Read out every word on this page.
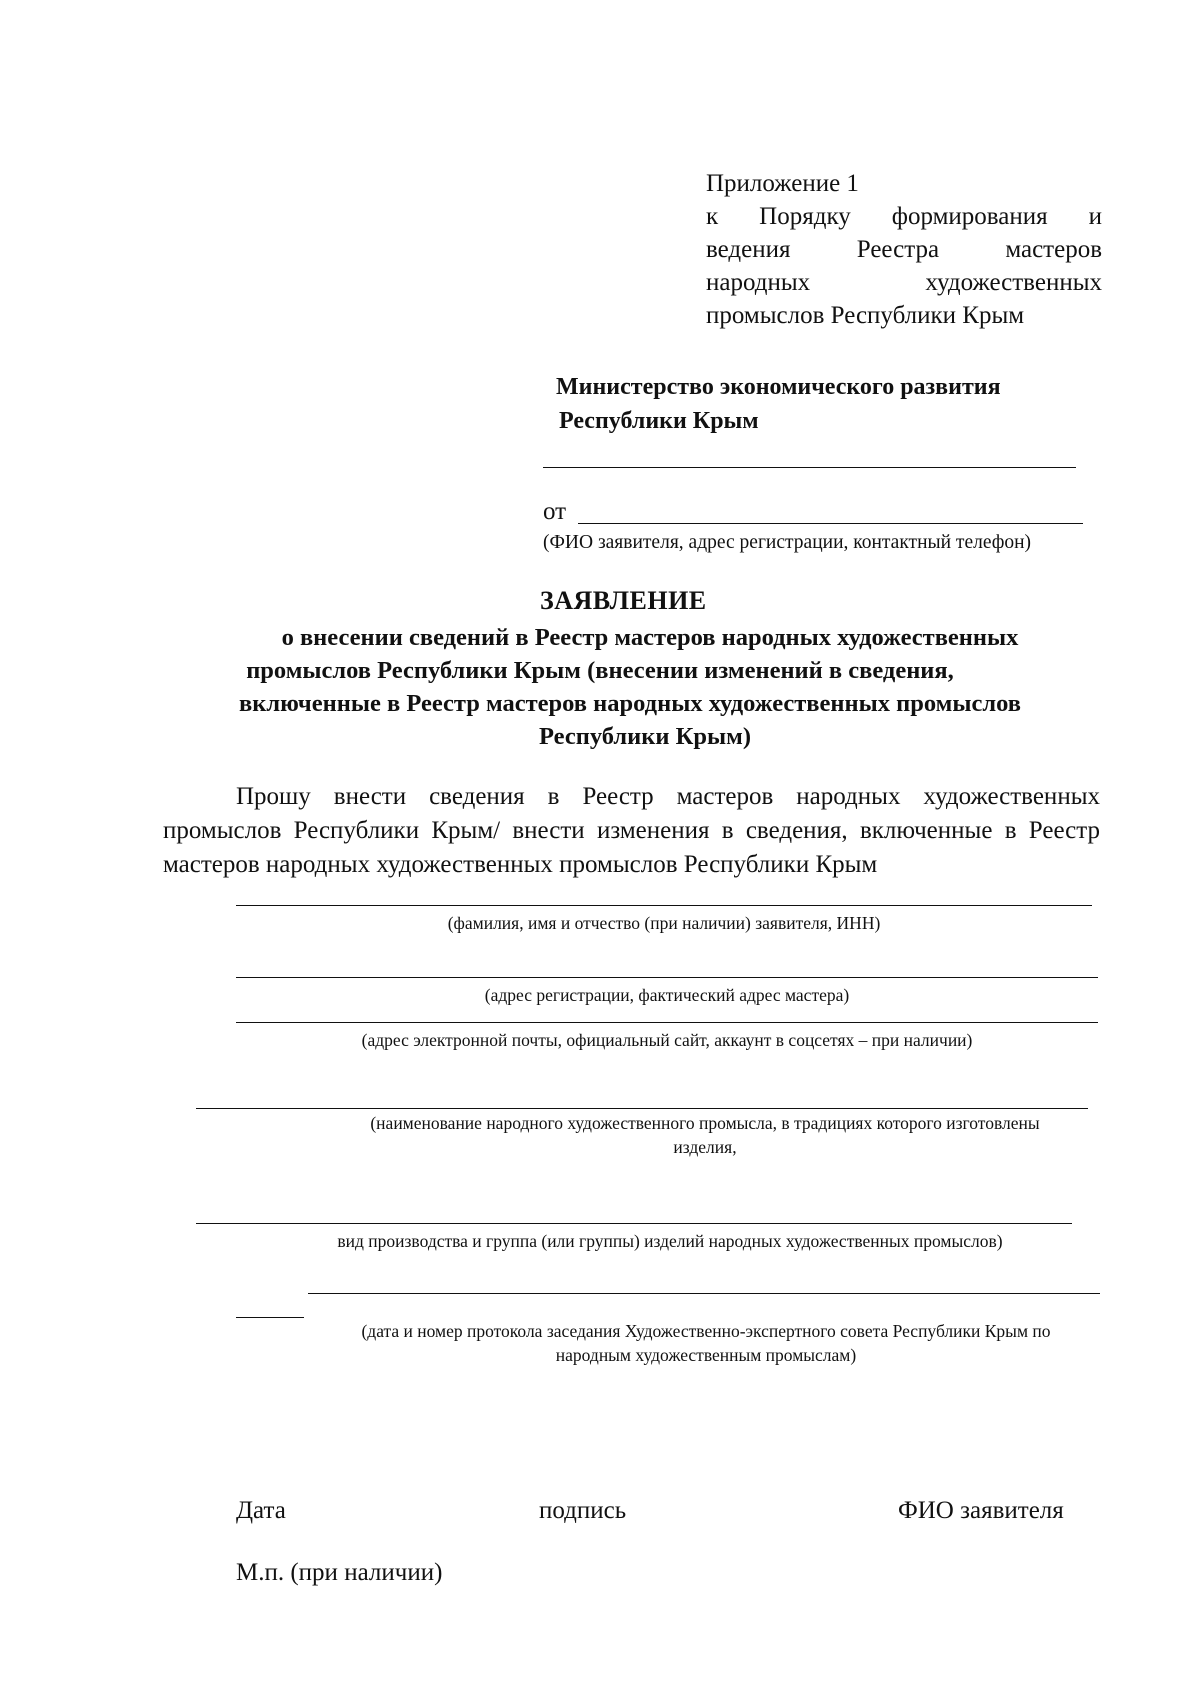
Приложение 1
к Порядку формирования и
ведения Реестра мастеров
народных художественных
промыслов Республики Крым
Министерство экономического развития
Республики Крым
от
(ФИО заявителя, адрес регистрации, контактный телефон)
ЗАЯВЛЕНИЕ
о внесении сведений в Реестр мастеров народных художественных
промыслов Республики Крым (внесении изменений в сведения,
включенные в Реестр мастеров народных художественных промыслов
Республики Крым)
Прошу внести сведения в Реестр мастеров народных художественных промыслов Республики Крым/ внести изменения в сведения, включенные в Реестр мастеров народных художественных промыслов Республики Крым
(фамилия, имя и отчество (при наличии) заявителя, ИНН)
(адрес регистрации, фактический адрес мастера)
(адрес электронной почты, официальный сайт, аккаунт в соцсетях – при наличии)
(наименование народного художественного промысла, в традициях которого изготовлены
изделия,
вид производства и группа (или группы) изделий народных художественных промыслов)
(дата и номер протокола заседания Художественно-экспертного совета Республики Крым по
народным художественным промыслам)
Дата	подпись	ФИО заявителя
М.п. (при наличии)
